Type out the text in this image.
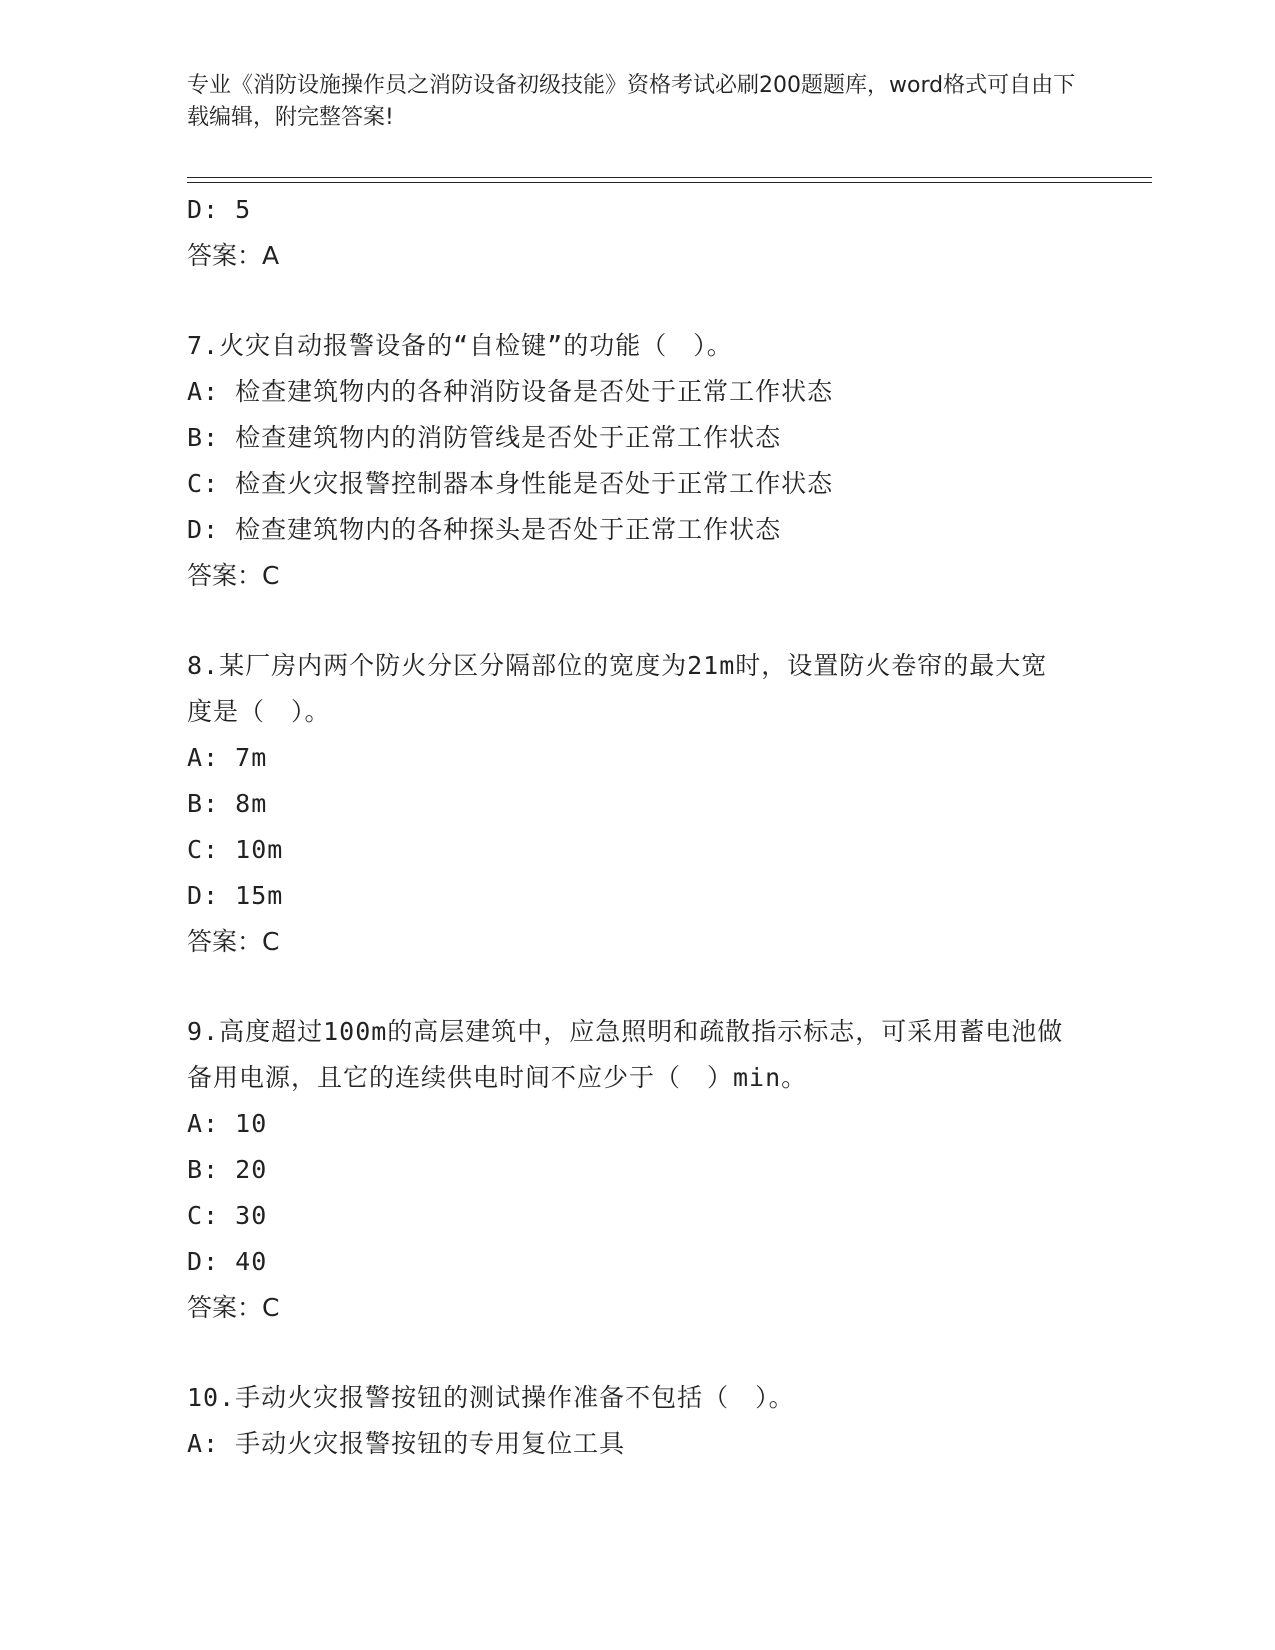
专业《消防设施操作员之消防设备初级技能》资格考试必刷200题题库，word格式可自由下载编辑，附完整答案!
D: 5
答案：A
7.火灾自动报警设备的“自检键”的功能（　）。
A: 检查建筑物内的各种消防设备是否处于正常工作状态
B: 检查建筑物内的消防管线是否处于正常工作状态
C: 检查火灾报警控制器本身性能是否处于正常工作状态
D: 检查建筑物内的各种探头是否处于正常工作状态
答案：C
8.某厂房内两个防火分区分隔部位的宽度为21m时，设置防火卷帘的最大宽度是（　）。
A: 7m
B: 8m
C: 10m
D: 15m
答案：C
9.高度超过100m的高层建筑中，应急照明和疏散指示标志，可采用蓄电池做备用电源，且它的连续供电时间不应少于（　）min。
A: 10
B: 20
C: 30
D: 40
答案：C
10.手动火灾报警按钮的测试操作准备不包括（　）。
A: 手动火灾报警按钮的专用复位工具
